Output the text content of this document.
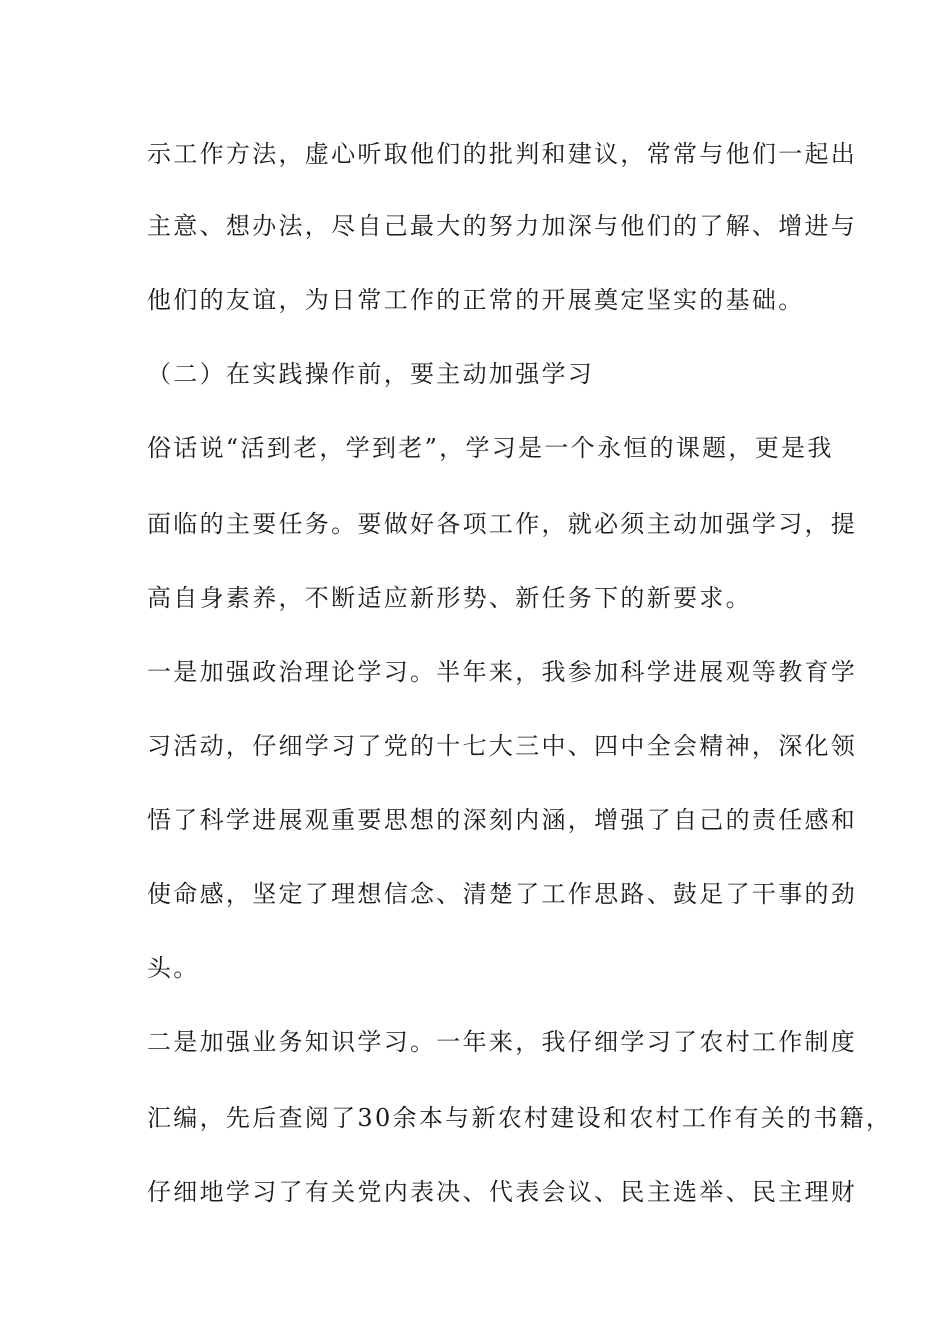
示工作方法，虚心听取他们的批判和建议，常常与他们一起出
主意、想办法，尽自己最大的努力加深与他们的了解、增进与
他们的友谊，为日常工作的正常的开展奠定坚实的基础。
（二）在实践操作前，要主动加强学习
俗话说“活到老，学到老”，学习是一个永恒的课题，更是我
面临的主要任务。要做好各项工作，就必须主动加强学习，提
高自身素养，不断适应新形势、新任务下的新要求。
一是加强政治理论学习。半年来，我参加科学进展观等教育学
习活动，仔细学习了党的十七大三中、四中全会精神，深化领
悟了科学进展观重要思想的深刻内涵，增强了自己的责任感和
使命感，坚定了理想信念、清楚了工作思路、鼓足了干事的劲
头。
二是加强业务知识学习。一年来，我仔细学习了农村工作制度
汇编，先后查阅了30余本与新农村建设和农村工作有关的书籍，
仔细地学习了有关党内表决、代表会议、民主选举、民主理财
